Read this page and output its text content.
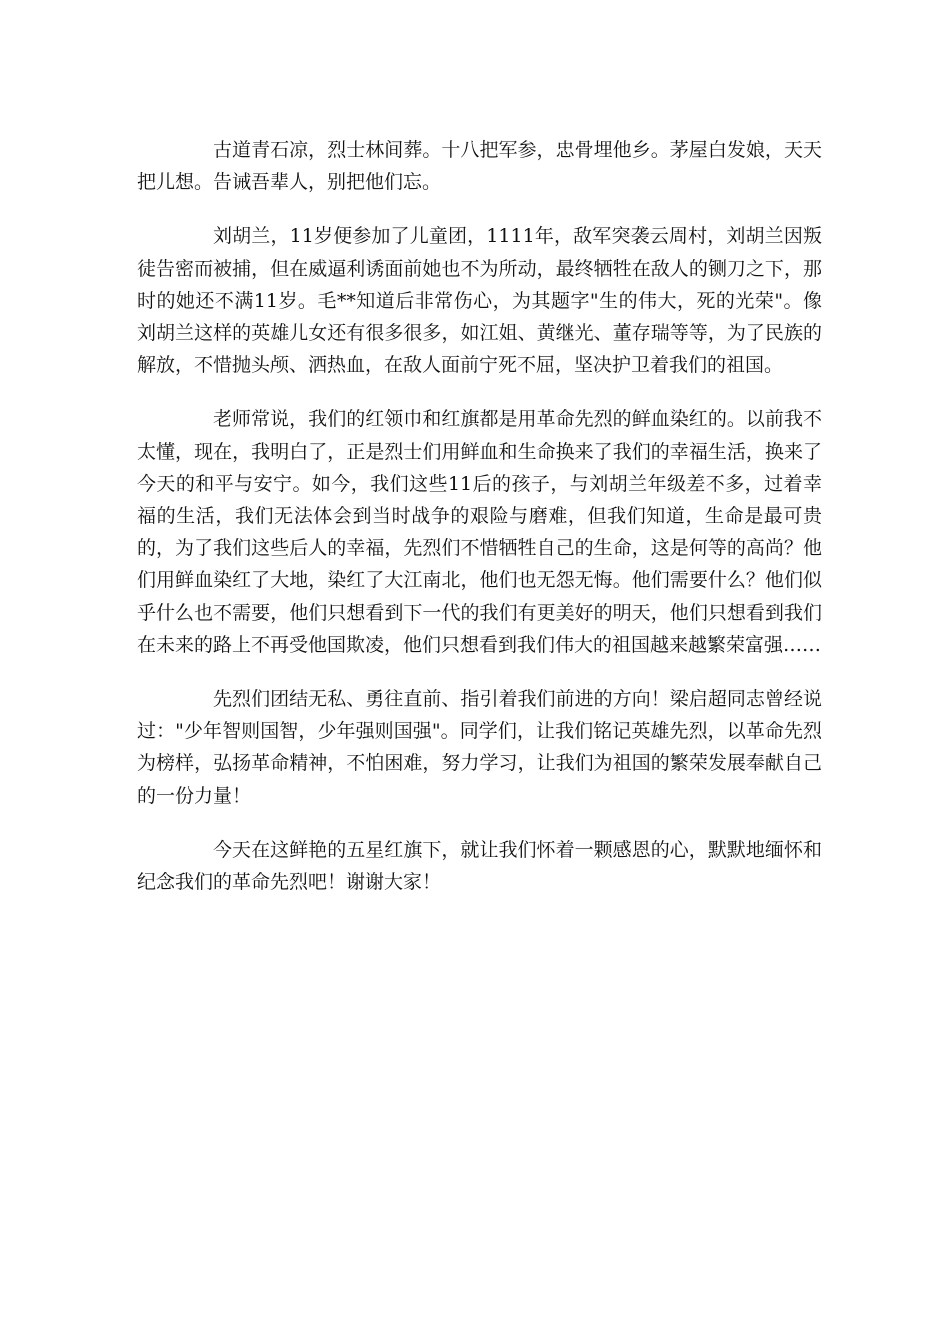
古道青石凉，烈士林间葬。十八把军参，忠骨埋他乡。茅屋白发娘，天天把儿想。告诫吾辈人，别把他们忘。

刘胡兰，11岁便参加了儿童团，1111年，敌军突袭云周村，刘胡兰因叛徒告密而被捕，但在威逼利诱面前她也不为所动，最终牺牲在敌人的铡刀之下，那时的她还不满11岁。毛**知道后非常伤心，为其题字"生的伟大，死的光荣"。像刘胡兰这样的英雄儿女还有很多很多，如江姐、黄继光、董存瑞等等，为了民族的解放，不惜抛头颅、洒热血，在敌人面前宁死不屈，坚决护卫着我们的祖国。

老师常说，我们的红领巾和红旗都是用革命先烈的鲜血染红的。以前我不太懂，现在，我明白了，正是烈士们用鲜血和生命换来了我们的幸福生活，换来了今天的和平与安宁。如今，我们这些11后的孩子，与刘胡兰年级差不多，过着幸福的生活，我们无法体会到当时战争的艰险与磨难，但我们知道，生命是最可贵的，为了我们这些后人的幸福，先烈们不惜牺牲自己的生命，这是何等的高尚？他们用鲜血染红了大地，染红了大江南北，他们也无怨无悔。他们需要什么？他们似乎什么也不需要，他们只想看到下一代的我们有更美好的明天，他们只想看到我们在未来的路上不再受他国欺凌，他们只想看到我们伟大的祖国越来越繁荣富强……

先烈们团结无私、勇往直前、指引着我们前进的方向！梁启超同志曾经说过："少年智则国智，少年强则国强"。同学们，让我们铭记英雄先烈，以革命先烈为榜样，弘扬革命精神，不怕困难，努力学习，让我们为祖国的繁荣发展奉献自己的一份力量！

今天在这鲜艳的五星红旗下，就让我们怀着一颗感恩的心，默默地缅怀和纪念我们的革命先烈吧！谢谢大家！
